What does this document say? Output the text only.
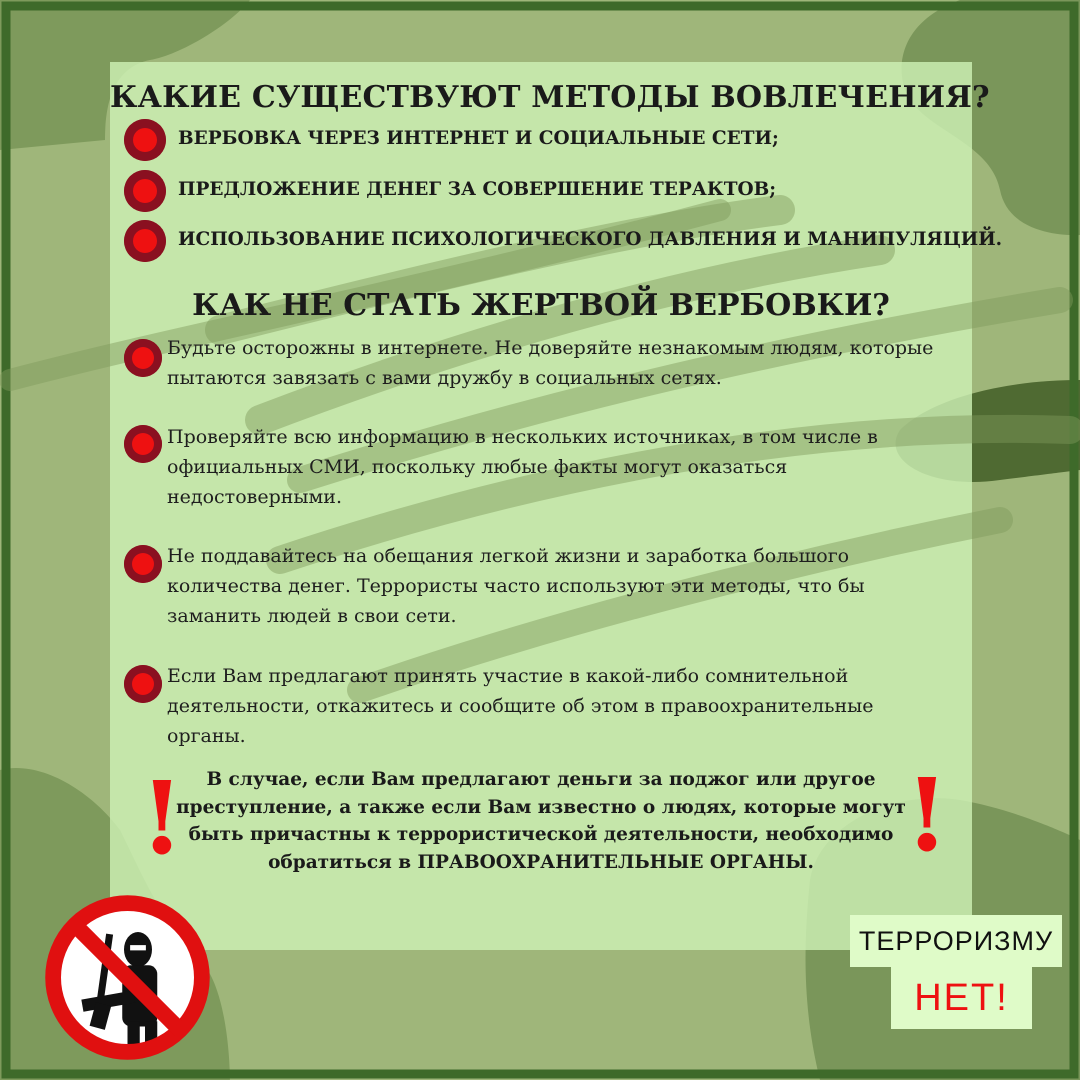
КАКИЕ СУЩЕСТВУЮТ МЕТОДЫ ВОВЛЕЧЕНИЯ?
ВЕРБОВКА ЧЕРЕЗ ИНТЕРНЕТ И СОЦИАЛЬНЫЕ СЕТИ;
ПРЕДЛОЖЕНИЕ ДЕНЕГ ЗА СОВЕРШЕНИЕ ТЕРАКТОВ;
ИСПОЛЬЗОВАНИЕ ПСИХОЛОГИЧЕСКОГО ДАВЛЕНИЯ И МАНИПУЛЯЦИЙ.
КАК НЕ СТАТЬ ЖЕРТВОЙ ВЕРБОВКИ?
Будьте осторожны в интернете. Не доверяйте незнакомым людям, которые пытаются завязать с вами дружбу в социальных сетях.
Проверяйте всю информацию в нескольких источниках, в том числе в официальных СМИ, поскольку любые факты могут оказаться недостоверными.
Не поддавайтесь на обещания легкой жизни и заработка большого количества денег. Террористы часто используют эти методы, что бы заманить людей в свои сети.
Если Вам предлагают принять участие в какой-либо сомнительной деятельности, откажитесь и сообщите об этом в правоохранительные органы.
!	!
В случае, если Вам предлагают деньги за поджог или другое преступление, а также если Вам известно о людях, которые могут быть причастны к террористической деятельности, необходимо обратиться в ПРАВООХРАНИТЕЛЬНЫЕ ОРГАНЫ.
ТЕРРОРИЗМУ
НЕТ!
